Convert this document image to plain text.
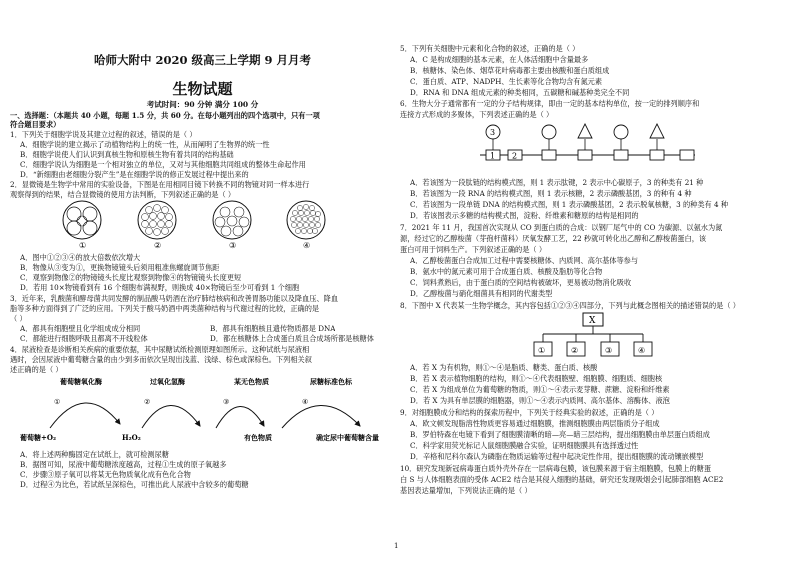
哈师大附中 2020 级高三上学期 9 月月考
生物试题
考试时间：90 分钟 满分 100 分
一、选择题：（本题共 40 小题，每题 1.5 分，共 60 分。在每小题列出的四个选项中，只有一项
符合题目要求）
1．下列关于细胞学说及其建立过程的叙述，错误的是（ ）
A．细胞学说的建立揭示了动植物结构上的统一性，从而阐明了生物界的统一性
B．细胞学说使人们认识到真核生物和原核生物有着共同的结构基础
C．细胞学说认为细胞是一个相对独立的单位，又对与其他细胞共同组成的整体生命起作用
D．“新细胞由老细胞分裂产生”是在细胞学说的修正发展过程中提出来的
2．显微镜是生物学中常用的实验设备，下图是在用相同目镜下转换不同的物镜对同一样本进行
观察得到的结果，结合显微镜的使用方法判断，下列叙述正确的是（ ）
①	②	③	④
A．图中①②③④的放大倍数依次增大
B．物像从③变为①，更换物镜镜头后须用粗准焦螺旋调节焦距
C．观察到物像②的物镜镜头长度比观察到物像④的物镜镜头长度更短
D．若用 10×物镜看到有 16 个细胞布满视野，则换成 40×物镜后至少可看到 1 个细胞
3．近年来，乳酸菌和酵母菌共同发酵的制品酸马奶酒在治疗肺结核病和改善胃肠功能以及降血压、降血
脂等多种方面得到了广泛的应用。下列关于酸马奶酒中两类菌种结构与代谢过程的比较，正确的是
（ ）
A．都具有细胞壁且化学组成成分相同	B．都具有细胞核且遗传物质都是 DNA
C．都能进行细胞呼吸且都离不开线粒体	D．都在核糖体上合成蛋白质且合成场所都是核糖体
4．尿液检查是诊断相关疾病的重要依据，其中尿糖试纸检测原理如图所示。这种试纸与尿液相
遇时，会因尿液中葡萄糖含量的由少到多而依次呈现出浅蓝、浅绿、棕色或深棕色。下列相关叙
述正确的是（ ）
葡萄糖氧化酶	过氧化氢酶	某无色物质	尿糖标准色标
①	②	③	④
葡萄糖+O₂	H₂O₂	有色物质	确定尿中葡萄糖含量
A．将上述两种酶固定在试纸上，就可检测尿糖
B．据图可知，尿液中葡萄糖浓度越高，过程①生成的原子氧越多
C．步骤③原子氧可以将某无色物质氧化成有色化合物
D．过程④为比色，若试纸呈深棕色，可推出此人尿液中含较多的葡萄糖
5．下列有关细胞中元素和化合物的叙述，正确的是（ ）
A．C 是构成细胞的基本元素，在人体活细胞中含量最多
B．核糖体、染色体、烟草花叶病毒都主要由核酸和蛋白质组成
C．蛋白质、ATP、NADPH、生长素等化合物均含有氮元素
D．RNA 和 DNA 组成元素的种类相同，五碳糖和碱基种类完全不同
6．生物大分子通常都有一定的分子结构规律，即由一定的基本结构单位，按一定的排列顺序和
连接方式形成的多聚体，下列表述正确的是（ ）
3
1 2
A．若该图为一段肽链的结构模式图，则 1 表示肽键，2 表示中心碳原子，3 的种类有 21 种
B．若该图为一段 RNA 的结构模式图，则 1 表示核糖，2 表示磷酸基团，3 的种有 4 种
C．若该图为一段单链 DNA 的结构模式图，则 1 表示磷酸基团，2 表示脱氧核糖，3 的种类有 4 种
D．若该图表示多糖的结构模式图，淀粉、纤维素和糖原的结构是相同的
7．2021 年 11 月，我国首次实现从 CO 到蛋白质的合成：以钢厂尾气中的 CO 为碳源、以氨水为氮
源，经过它的乙醇梭菌（芽孢杆菌科）厌氧发酵工艺，22 秒就可转化出乙醇和乙醇梭菌蛋白，该
蛋白可用于饲料生产。下列叙述正确的是（ ）
A．乙醇梭菌蛋白合成加工过程中需要核糖体、内质网、高尔基体等参与
B．氨水中的氮元素可用于合成蛋白质、核酸及脂肪等化合物
C．饲料煮熟后，由于蛋白质的空间结构被破坏，更易被动物消化吸收
D．乙醇梭菌与硝化细菌具有相同的代谢类型
8．下图中 X 代表某一生物学概念，其内容包括①②③④四部分，下列与此概念图相关的描述错误的是（ ）
X
①	②	③	④
A．若 X 为有机物，则①～④是脂质、糖类、蛋白质、核酸
B．若 X 表示植物细胞的结构，则①～④代表细胞壁、细胞膜、细胞质、细胞核
C．若 X 为组成单位为葡萄糖的物质，则①～④表示麦芽糖、蔗糖、淀粉和纤维素
D．若 X 为具有单层膜的细胞器，则①～④表示内质网、高尔基体、溶酶体、液泡
9．对细胞膜成分和结构的探索历程中，下列关于经典实验的叙述，正确的是（ ）
A．欧文顿发现脂溶性物质更容易通过细胞膜，推测细胞膜由两层脂质分子组成
B．罗伯特森在电镜下看到了细胞膜清晰的暗—亮—暗三层结构，提出细胞膜由单层蛋白质组成
C．科学家用荧光标记人鼠细胞膜融合实验，证明细胞膜具有选择透过性
D．辛格和尼科尔森认为磷脂在物质运输等过程中起决定性作用，提出细胞膜的流动镶嵌模型
10．研究发现新冠病毒蛋白质外壳外存在一层病毒包膜，该包膜来源于宿主细胞膜，包膜上的糖蛋
白 S 与人体细胞表面的受体 ACE2 结合是其侵入细胞的基础，研究还发现吸烟会引起肺部细胞 ACE2
基因表达量增加，下列说法正确的是（ ）
1
